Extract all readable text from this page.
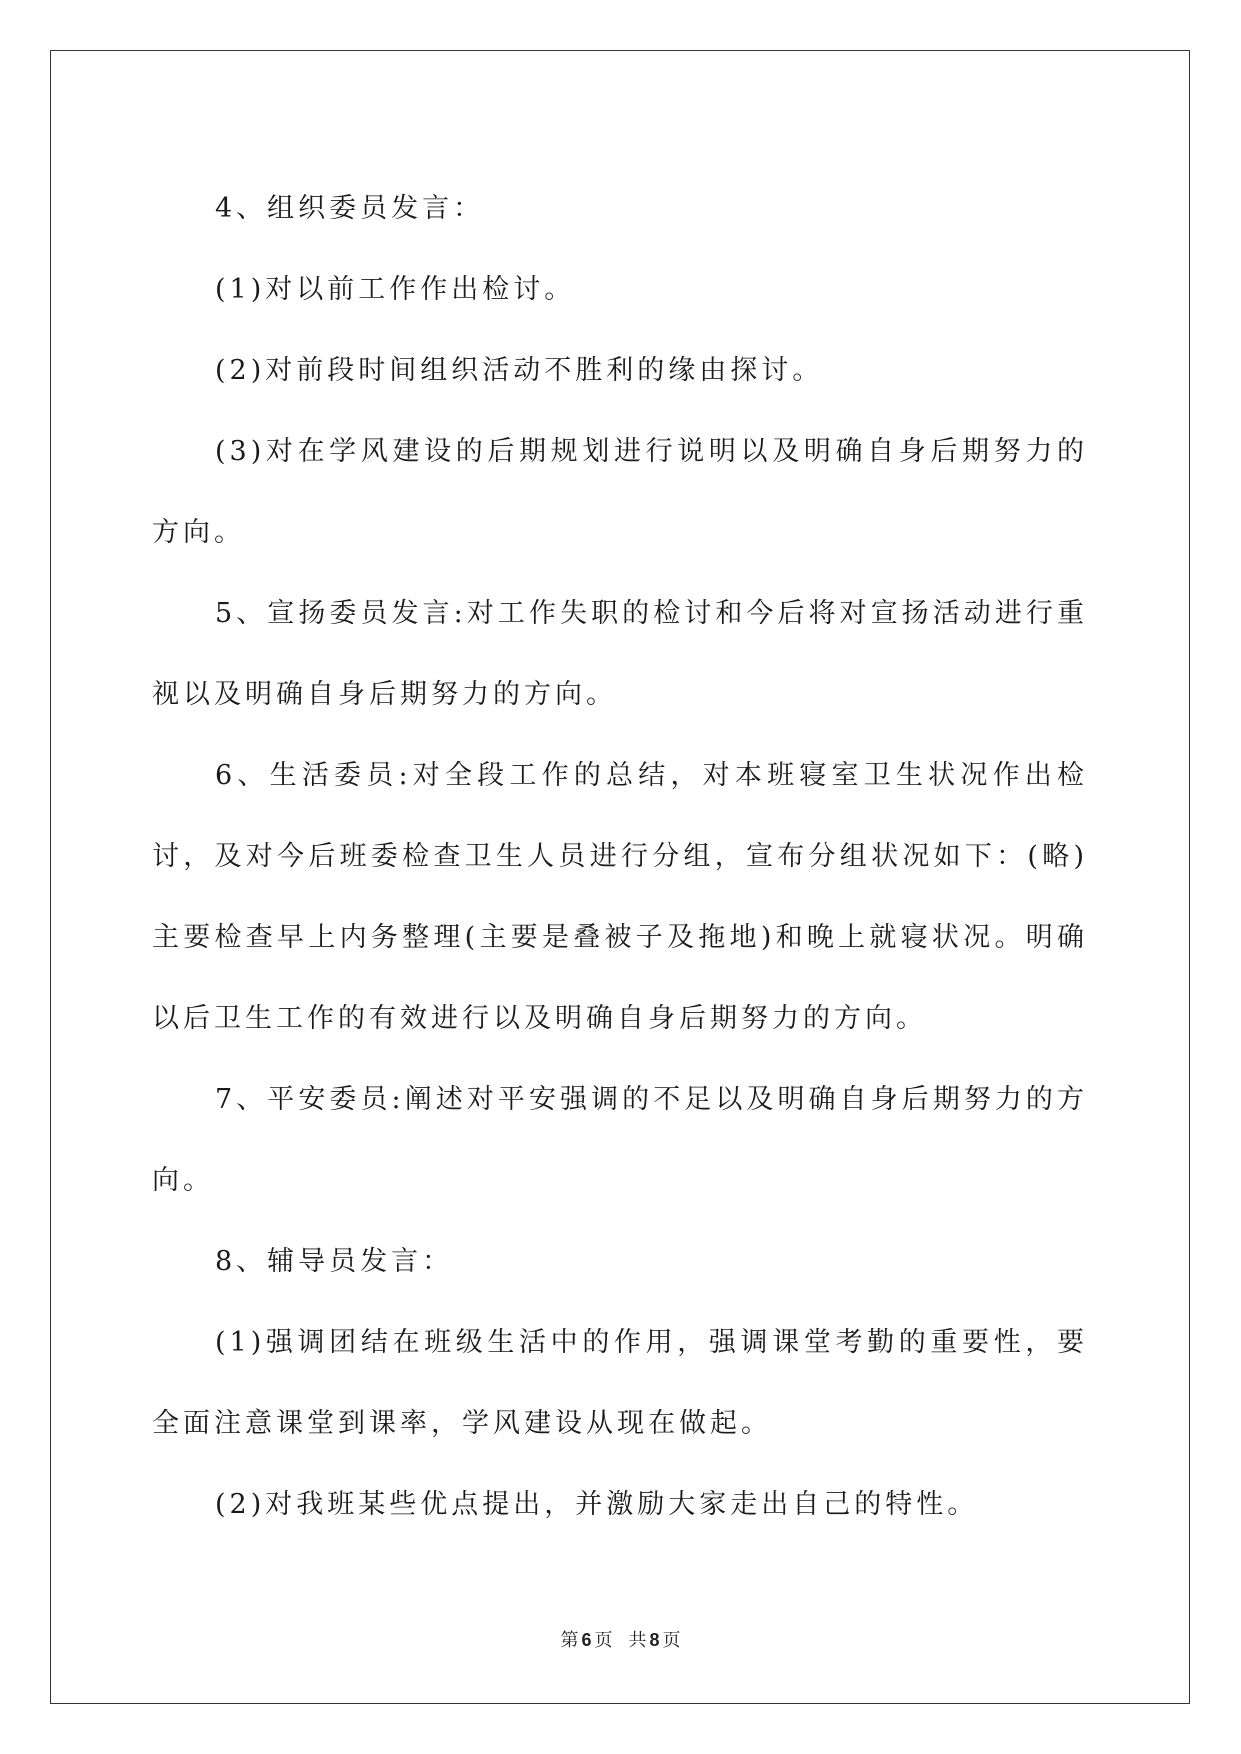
4、组织委员发言：

(1)对以前工作作出检讨。

(2)对前段时间组织活动不胜利的缘由探讨。

(3)对在学风建设的后期规划进行说明以及明确自身后期努力的方向。

5、宣扬委员发言:对工作失职的检讨和今后将对宣扬活动进行重视以及明确自身后期努力的方向。

6、生活委员:对全段工作的总结，对本班寝室卫生状况作出检讨，及对今后班委检查卫生人员进行分组，宣布分组状况如下：(略)主要检查早上内务整理(主要是叠被子及拖地)和晚上就寝状况。明确以后卫生工作的有效进行以及明确自身后期努力的方向。

7、平安委员:阐述对平安强调的不足以及明确自身后期努力的方向。

8、辅导员发言：

(1)强调团结在班级生活中的作用，强调课堂考勤的重要性，要全面注意课堂到课率，学风建设从现在做起。

(2)对我班某些优点提出，并激励大家走出自己的特性。

第 6 页 共 8 页
